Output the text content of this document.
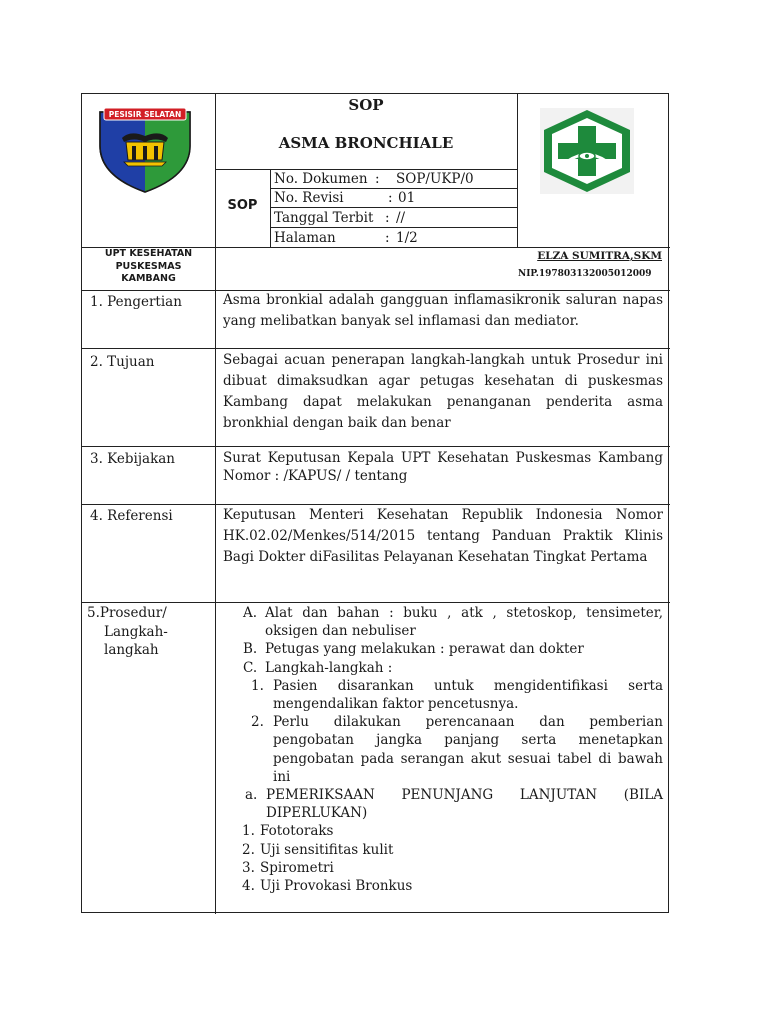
PESISIR SELATAN
SOP
ASMA BRONCHIALE
SOP
No. Dokumen : SOP/UKP/0
No. Revisi	: 01
Tanggal Terbit : //
Halaman	: 1/2
UPT KESEHATAN
PUSKESMAS
KAMBANG
ELZA SUMITRA,SKM
NIP.197803132005012009
1. Pengertian	Asma bronkial adalah gangguan inflamasikronik saluran napas yang melibatkan banyak sel inflamasi dan mediator.
2. Tujuan	Sebagai acuan penerapan langkah-langkah untuk Prosedur ini dibuat dimaksudkan agar petugas kesehatan di puskesmas Kambang dapat melakukan penanganan penderita asma bronkhial dengan baik dan benar
3. Kebijakan	Surat Keputusan Kepala UPT Kesehatan Puskesmas Kambang Nomor : /KAPUS/ / tentang
4. Referensi	Keputusan Menteri Kesehatan Republik Indonesia Nomor HK.02.02/Menkes/514/2015 tentang Panduan Praktik Klinis Bagi Dokter diFasilitas Pelayanan Kesehatan Tingkat Pertama
5.Prosedur/
Langkah-
langkah
A. Alat dan bahan : buku , atk , stetoskop, tensimeter, oksigen dan nebuliser
B. Petugas yang melakukan : perawat dan dokter
C. Langkah-langkah :
1. Pasien disarankan untuk mengidentifikasi serta mengendalikan faktor pencetusnya.
2. Perlu dilakukan perencanaan dan pemberian pengobatan jangka panjang serta menetapkan pengobatan pada serangan akut sesuai tabel di bawah ini
a. PEMERIKSAAN PENUNJANG LANJUTAN (BILA DIPERLUKAN)
1. Fototoraks
2. Uji sensitifitas kulit
3. Spirometri
4. Uji Provokasi Bronkus
